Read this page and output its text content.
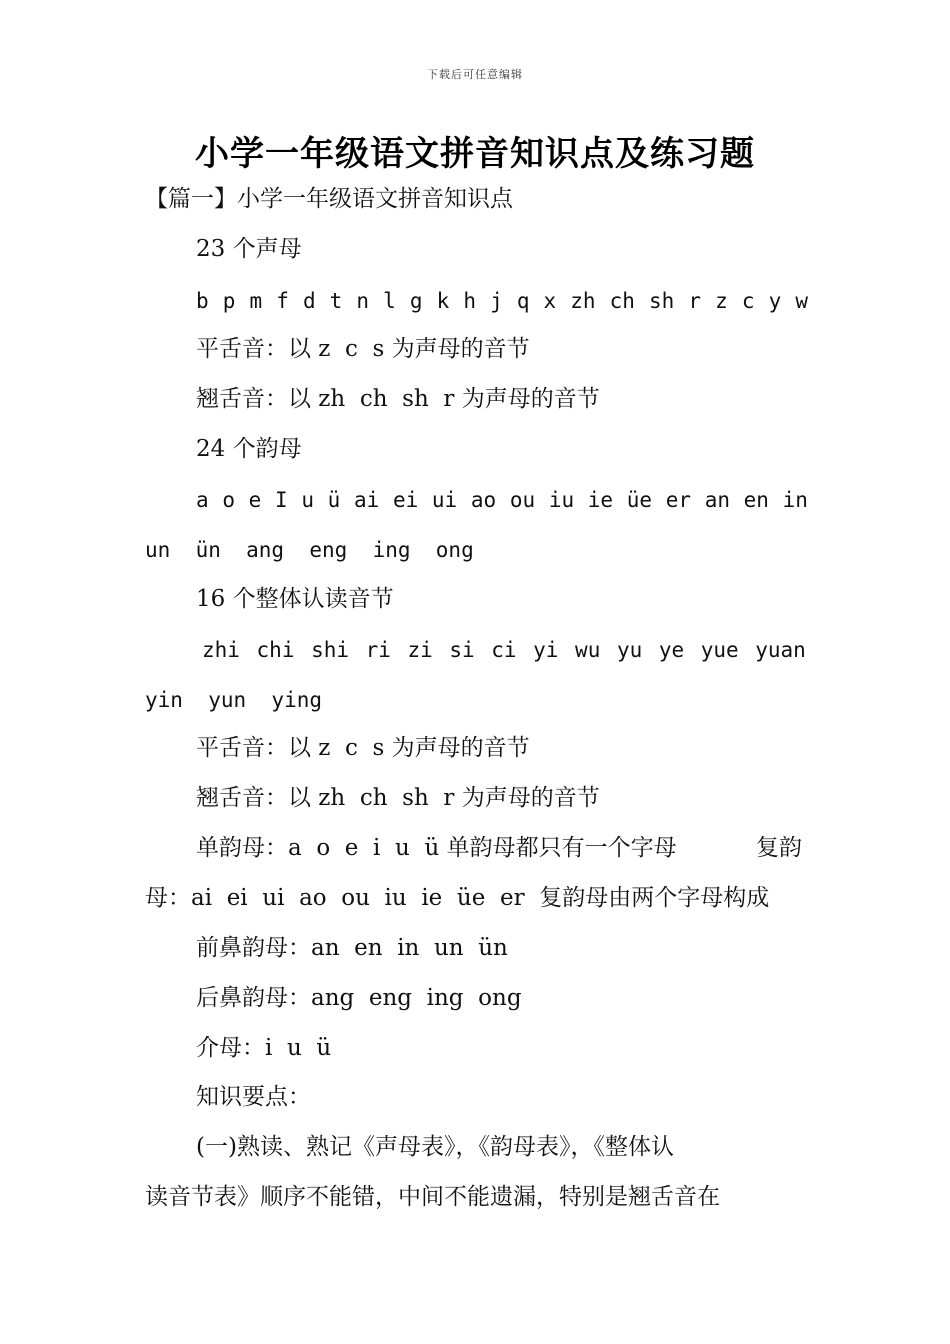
下载后可任意编辑
小学一年级语文拼音知识点及练习题
【篇一】小学一年级语文拼音知识点
23 个声母
b p m f d t n l g k h j q x zh ch sh r z c y w
平舌音：以 z  c  s 为声母的音节
翘舌音：以 zh  ch  sh  r 为声母的音节
24 个韵母
a o e I u ü ai ei ui ao ou iu ie üe er an en in
un  ün  ang  eng  ing  ong
16 个整体认读音节
zhi chi shi ri zi si ci yi wu yu ye yue yuan
yin  yun  ying
平舌音：以 z  c  s 为声母的音节
翘舌音：以 zh  ch  sh  r 为声母的音节
单韵母：a  o  e  i  u  ü 单韵母都只有一个字母	复韵
母：ai  ei  ui  ao  ou  iu  ie  üe  er  复韵母由两个字母构成
前鼻韵母：an  en  in  un  ün
后鼻韵母：ang  eng  ing  ong
介母：i  u  ü
知识要点：
(一)熟读、熟记《声母表》，《韵母表》，《整体认
读音节表》顺序不能错，中间不能遗漏，特别是翘舌音在
